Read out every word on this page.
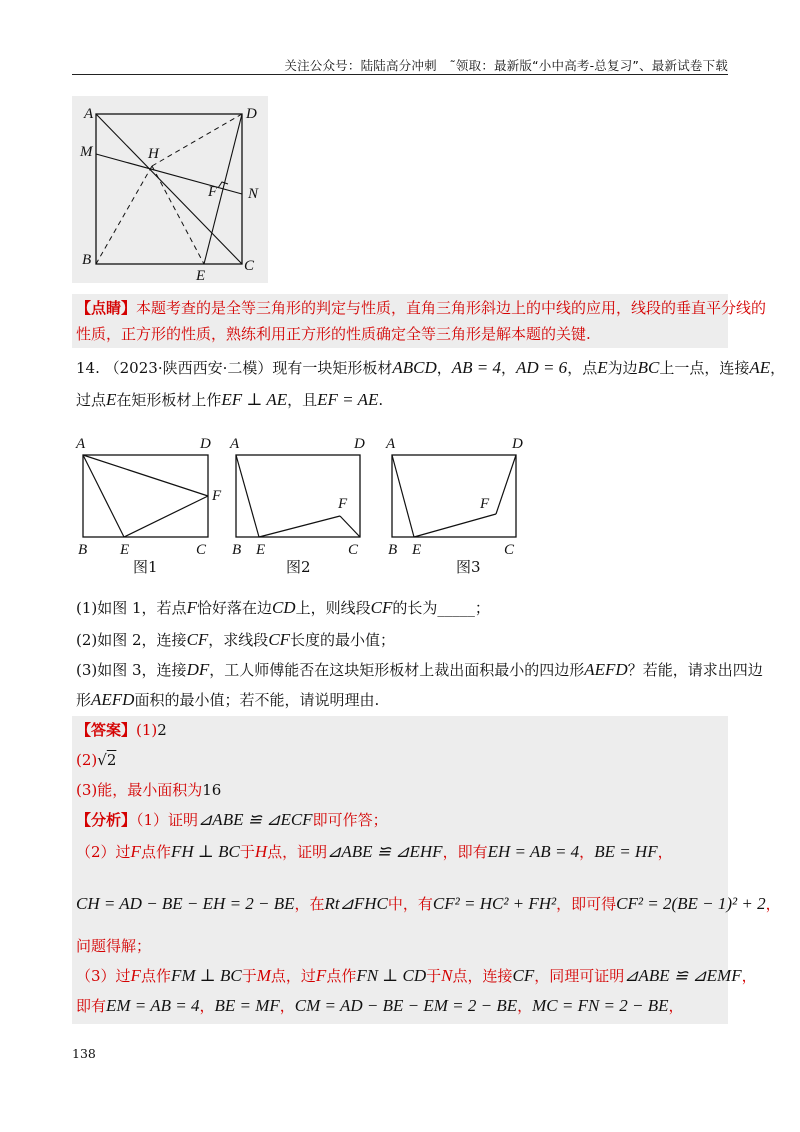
关注公众号：陆陆高分冲刺　˜领取：最新版“小中高考-总复习”、最新试卷下载
A	D
M	H
F N
B
E
C
【点睛】本题考查的是全等三角形的判定与性质，直角三角形斜边上的中线的应用，线段的垂直平分线的
性质，正方形的性质，熟练利用正方形的性质确定全等三角形是解本题的关键.
14. （2023·陕西西安·二模）现有一块矩形板材ABCD，AB = 4，AD = 6，点E为边BC上一点，连接AE，
过点E在矩形板材上作EF ⊥ AE，且EF = AE.
A	D
F
B E	C
A	D
F
B E	C
A	D
F
B E	C
图1	图2	图3
(1)如图 1，若点F恰好落在边CD上，则线段CF的长为_____；
(2)如图 2，连接CF，求线段CF长度的最小值；
(3)如图 3，连接DF，工人师傅能否在这块矩形板材上裁出面积最小的四边形AEFD？若能，请求出四边
形AEFD面积的最小值；若不能，请说明理由.
【答案】(1)2
(2)√2
(3)能，最小面积为16
【分析】（1）证明⊿ABE ≌ ⊿ECF即可作答；
（2）过F点作FH ⊥ BC于H点，证明⊿ABE ≌ ⊿EHF，即有EH = AB = 4，BE = HF，
CH = AD − BE − EH = 2 − BE，在Rt⊿FHC中，有CF² = HC² + FH²，即可得CF² = 2(BE − 1)² + 2，
问题得解；
（3）过F点作FM ⊥ BC于M点，过F点作FN ⊥ CD于N点，连接CF，同理可证明⊿ABE ≌ ⊿EMF，
即有EM = AB = 4，BE = MF，CM = AD − BE − EM = 2 − BE，MC = FN = 2 − BE，
138
